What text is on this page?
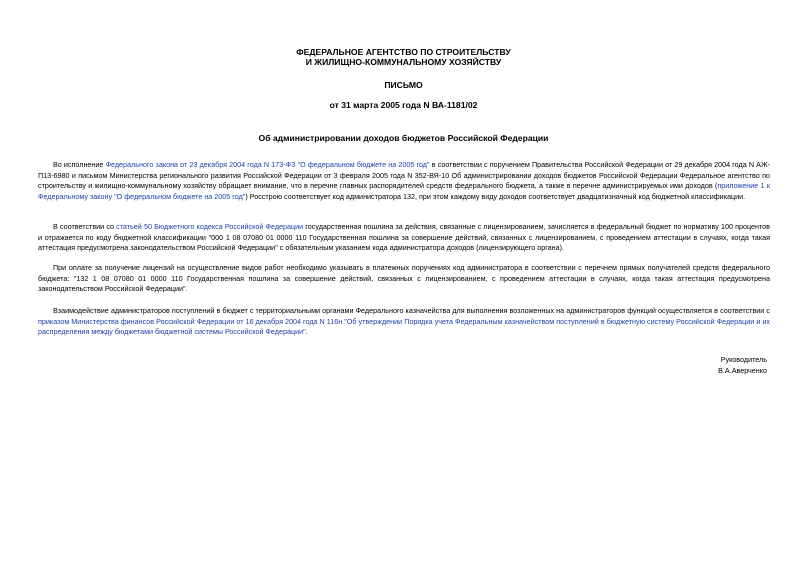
ФЕДЕРАЛЬНОЕ АГЕНТСТВО ПО СТРОИТЕЛЬСТВУ
И ЖИЛИЩНО-КОММУНАЛЬНОМУ ХОЗЯЙСТВУ
ПИСЬМО
от 31 марта 2005 года N ВА-1181/02
Об администрировании доходов бюджетов Российской Федерации

Во исполнение Федерального закона от 23 декабря 2004 года N 173-ФЗ "О федеральном бюджете на 2005 год" в соответствии с поручением Правительства Российской Федерации от 29 декабря 2004 года N АЖ-П13-6980 и письмом Министерства регионального развития Российской Федерации от 3 февраля 2005 года N 352-ВЯ-10 Об администрировании доходов бюджетов Российской Федерации Федеральное агентство по строительству и жилищно-коммунальному хозяйству обращает внимание, что в перечне главных распорядителей средств федерального бюджета, а также в перечне администрируемых ими доходов (приложение 1 к Федеральному закону "О федеральном бюджете на 2005 год") Росстрою соответствует код администратора 132, при этом каждому виду доходов соответствует двадцатизначный код бюджетной классификации.

В соответствии со статьей 50 Бюджетного кодекса Российской Федерации государственная пошлина за действия, связанные с лицензированием, зачисляется в федеральный бюджет по нормативу 100 процентов и отражается по коду бюджетной классификации "000 1 08 07080 01 0000 110 Государственная пошлина за совершение действий, связанных с лицензированием, с проведением аттестации в случаях, когда такая аттестация предусмотрена законодательством Российской Федерации" с обязательным указанием кода администратора доходов (лицензирующего органа).

При оплате за получение лицензий на осуществление видов работ необходимо указывать в платежных поручениях код администратора в соответствии с перечнем прямых получателей средств федерального бюджета: "132 1 08 07080 01 0000 110 Государственная пошлина за совершение действий, связанных с лицензированием, с проведением аттестации в случаях, когда такая аттестация предусмотрена законодательством Российской Федерации".

Взаимодействие администраторов поступлений в бюджет с территориальными органами Федерального казначейства для выполнения возложенных на администраторов функций осуществляется в соответствии с приказом Министерства финансов Российской Федерации от 16 декабря 2004 года N 116н "Об утверждении Порядка учета Федеральным казначейством поступлений в бюджетную систему Российской Федерации и их распределения между бюджетами бюджетной системы Российской Федерации".

Руководитель
В.А.Аверченко
